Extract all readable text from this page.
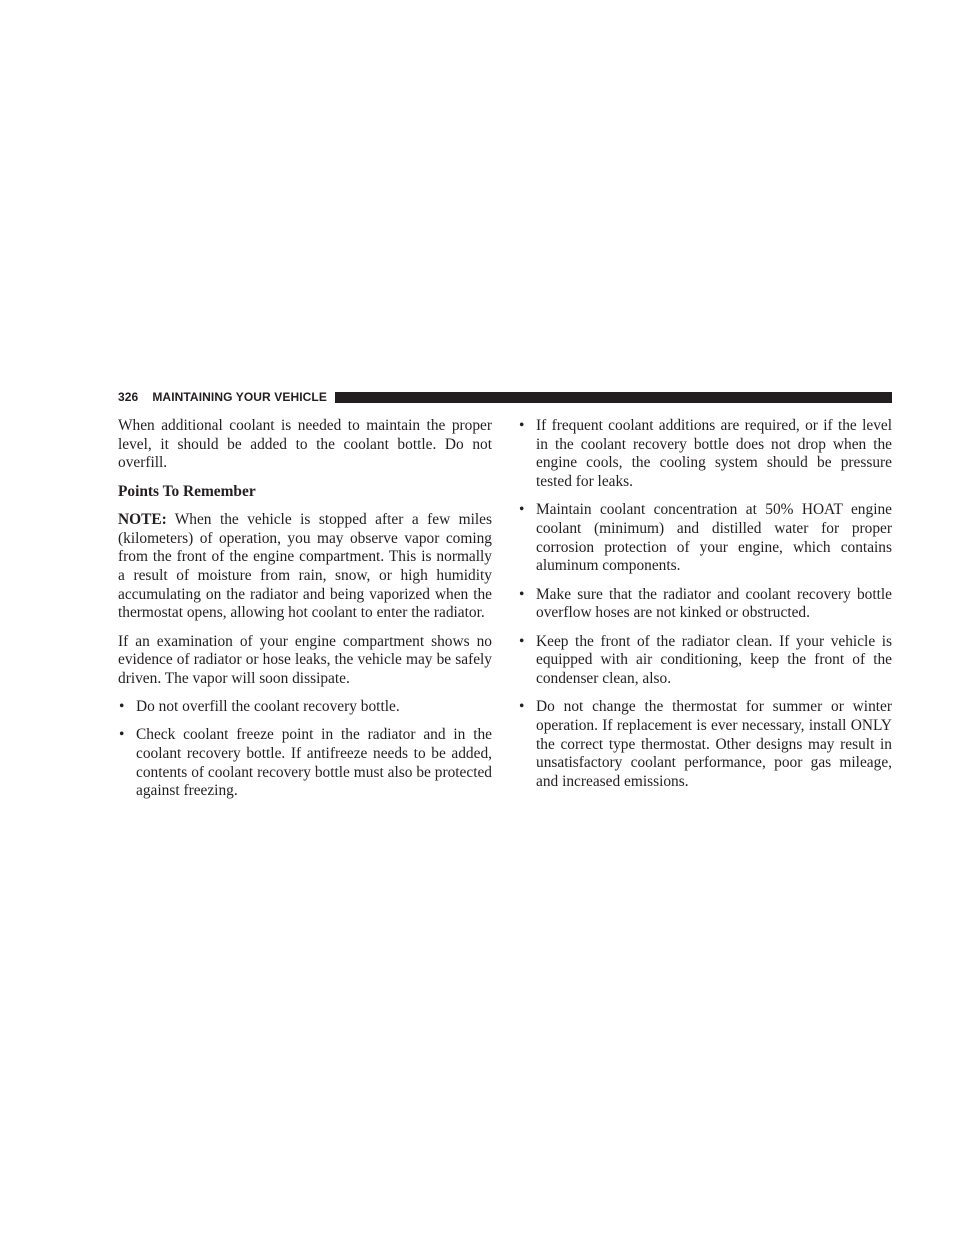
326 MAINTAINING YOUR VEHICLE

When additional coolant is needed to maintain the proper level, it should be added to the coolant bottle. Do not overfill.

Points To Remember

NOTE: When the vehicle is stopped after a few miles (kilometers) of operation, you may observe vapor coming from the front of the engine compartment. This is normally a result of moisture from rain, snow, or high humidity accumulating on the radiator and being vaporized when the thermostat opens, allowing hot coolant to enter the radiator.

If an examination of your engine compartment shows no evidence of radiator or hose leaks, the vehicle may be safely driven. The vapor will soon dissipate.

• Do not overfill the coolant recovery bottle.
• Check coolant freeze point in the radiator and in the coolant recovery bottle. If antifreeze needs to be added, contents of coolant recovery bottle must also be protected against freezing.
• If frequent coolant additions are required, or if the level in the coolant recovery bottle does not drop when the engine cools, the cooling system should be pressure tested for leaks.
• Maintain coolant concentration at 50% HOAT engine coolant (minimum) and distilled water for proper corrosion protection of your engine, which contains aluminum components.
• Make sure that the radiator and coolant recovery bottle overflow hoses are not kinked or obstructed.
• Keep the front of the radiator clean. If your vehicle is equipped with air conditioning, keep the front of the condenser clean, also.
• Do not change the thermostat for summer or winter operation. If replacement is ever necessary, install ONLY the correct type thermostat. Other designs may result in unsatisfactory coolant performance, poor gas mileage, and increased emissions.
